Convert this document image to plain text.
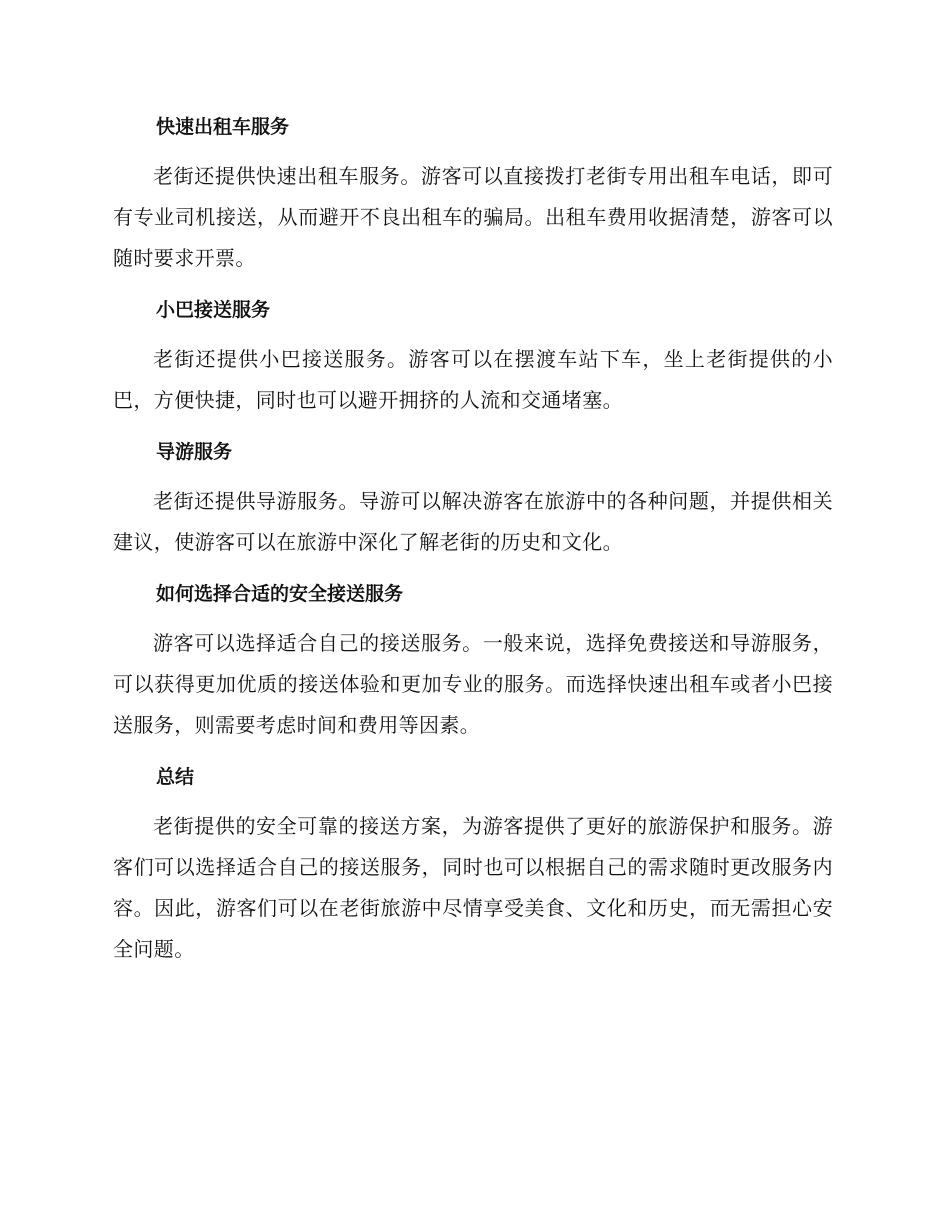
快速出租车服务

老街还提供快速出租车服务。游客可以直接拨打老街专用出租车电话，即可有专业司机接送，从而避开不良出租车的骗局。出租车费用收据清楚，游客可以随时要求开票。

小巴接送服务

老街还提供小巴接送服务。游客可以在摆渡车站下车，坐上老街提供的小巴，方便快捷，同时也可以避开拥挤的人流和交通堵塞。

导游服务

老街还提供导游服务。导游可以解决游客在旅游中的各种问题，并提供相关建议，使游客可以在旅游中深化了解老街的历史和文化。

如何选择合适的安全接送服务

游客可以选择适合自己的接送服务。一般来说，选择免费接送和导游服务，可以获得更加优质的接送体验和更加专业的服务。而选择快速出租车或者小巴接送服务，则需要考虑时间和费用等因素。

总结

老街提供的安全可靠的接送方案，为游客提供了更好的旅游保护和服务。游客们可以选择适合自己的接送服务，同时也可以根据自己的需求随时更改服务内容。因此，游客们可以在老街旅游中尽情享受美食、文化和历史，而无需担心安全问题。
